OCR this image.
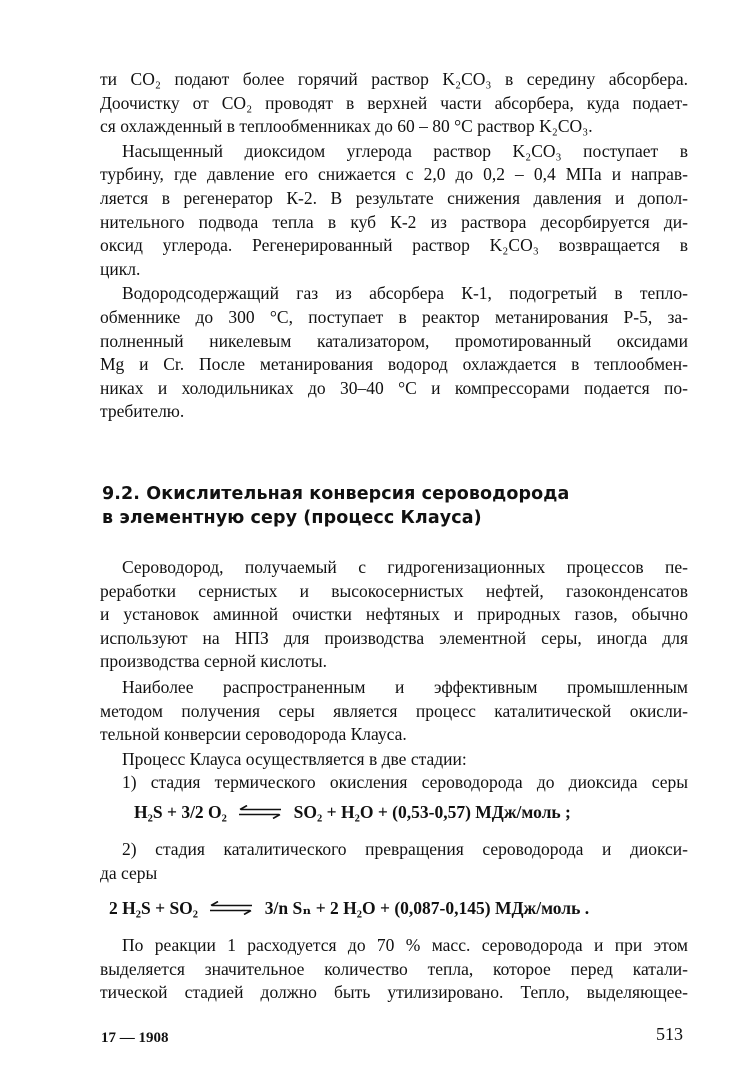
ти CO₂ подают более горячий раствор K₂CO₃ в середину абсорбера.
Доочистку от CO₂ проводят в верхней части абсорбера, куда подает-
ся охлажденный в теплообменниках до 60 – 80 °С раствор K₂CO₃.

Насыщенный диоксидом углерода раствор K₂CO₃ поступает в
турбину, где давление его снижается с 2,0 до 0,2 – 0,4 МПа и направ-
ляется в регенератор К-2. В результате снижения давления и допол-
нительного подвода тепла в куб К-2 из раствора десорбируется ди-
оксид углерода. Регенерированный раствор K₂CO₃ возвращается в
цикл.

Водородсодержащий газ из абсорбера К-1, подогретый в тепло-
обменнике до 300 °С, поступает в реактор метанирования Р-5, за-
полненный никелевым катализатором, промотированный оксидами
Mg и Cr. После метанирования водород охлаждается в теплообмен-
никах и холодильниках до 30–40 °С и компрессорами подается по-
требителю.

9.2. Окислительная конверсия сероводорода
в элементную серу (процесс Клауса)

Сероводород, получаемый с гидрогенизационных процессов пе-
реработки сернистых и высокосернистых нефтей, газоконденсатов
и установок аминной очистки нефтяных и природных газов, обычно
используют на НПЗ для производства элементной серы, иногда для
производства серной кислоты.

Наиболее распространенным и эффективным промышленным
методом получения серы является процесс каталитической окисли-
тельной конверсии сероводорода Клауса.

Процесс Клауса осуществляется в две стадии:

1) стадия термического окисления сероводорода до диоксида серы

H₂S + 3/2 O₂ ⇌ SO₂ + H₂O + (0,53-0,57) МДж/моль ;

2) стадия каталитического превращения сероводорода и диокси-
да серы

2 H₂S + SO₂ ⇌ 3/n Sₙ + 2 H₂O + (0,087-0,145) МДж/моль .

По реакции 1 расходуется до 70 % масс. сероводорода и при этом
выделяется значительное количество тепла, которое перед катали-
тической стадией должно быть утилизировано. Тепло, выделяющее-

17 — 1908	513
